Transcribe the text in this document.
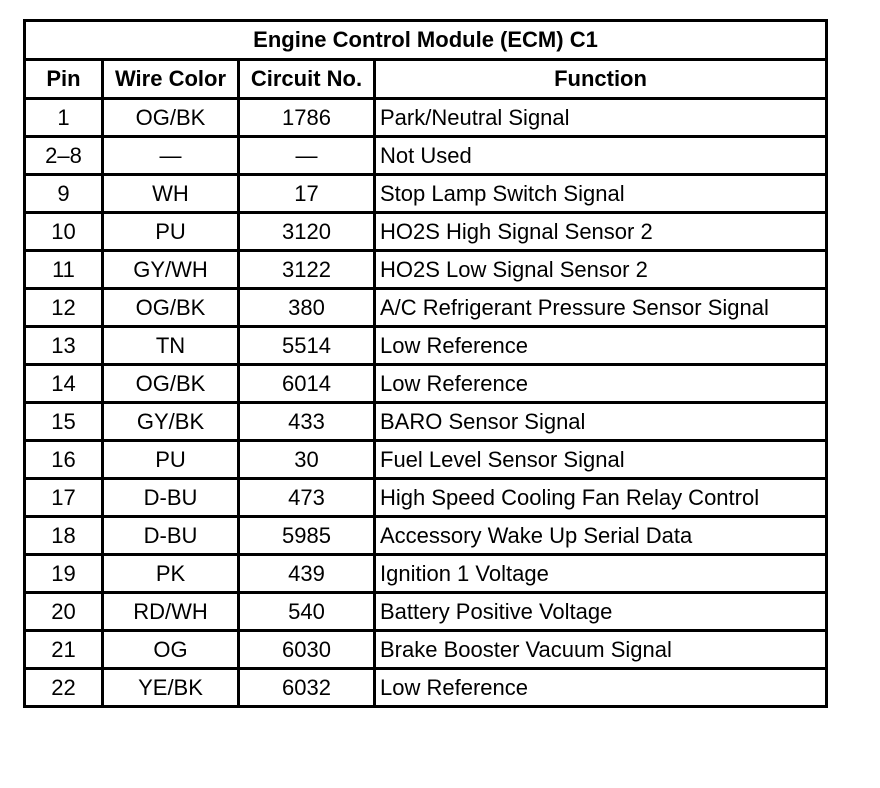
Engine Control Module (ECM) C1			
Pin	Wire Color	Circuit No.	Function
1	OG/BK	1786	Park/Neutral Signal
2–8	—	—	Not Used
9	WH	17	Stop Lamp Switch Signal
10	PU	3120	HO2S High Signal Sensor 2
11	GY/WH	3122	HO2S Low Signal Sensor 2
12	OG/BK	380	A/C Refrigerant Pressure Sensor Signal
13	TN	5514	Low Reference
14	OG/BK	6014	Low Reference
15	GY/BK	433	BARO Sensor Signal
16	PU	30	Fuel Level Sensor Signal
17	D-BU	473	High Speed Cooling Fan Relay Control
18	D-BU	5985	Accessory Wake Up Serial Data
19	PK	439	Ignition 1 Voltage
20	RD/WH	540	Battery Positive Voltage
21	OG	6030	Brake Booster Vacuum Signal
22	YE/BK	6032	Low Reference
